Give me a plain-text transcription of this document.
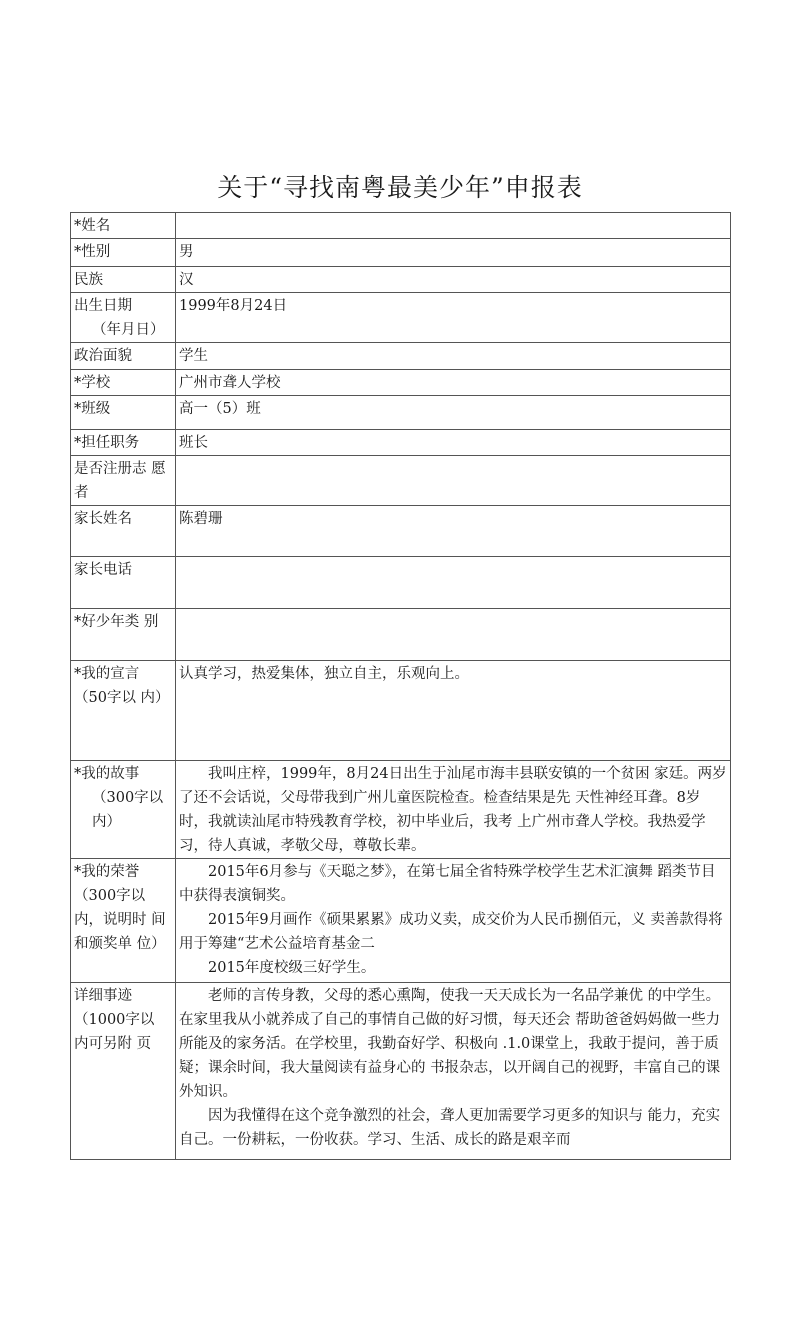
关于“寻找南粤最美少年”申报表
*姓名	
*性别	男
民族	汉
出生日期
（年月日）	1999年8月24日
政治面貌	学生
*学校	广州市聋人学校
*班级	高一（5）班
*担任职务	班长
是否注册志 愿者	
家长姓名	陈碧珊
家长电话	
*好少年类 别	
*我的宣言
（50字以 内）	认真学习，热爱集体，独立自主，乐观向上。
*我的故事
（300字以 内）	我叫庄梓，1999年，8月24日出生于汕尾市海丰县联安镇的一个贫困 家廷。两岁了还不会话说，父母带我到广州儿童医院检查。检查结果是先 天性神经耳聋。8岁时，我就读汕尾市特残教育学校，初中毕业后，我考 上广州市聋人学校。我热爱学习，待人真诚，孝敬父母，尊敬长辈。

*我的荣誉
（300字以 内，说明时 间和颁奖单 位）	2015年6月参与《天聪之梦》，在第七届全省特殊学校学生艺术汇演舞 蹈类节目中获得表演铜奖。
2015年9月画作《硕果累累》成功义卖，成交价为人民币捌佰元，义 卖善款得将用于筹建“艺术公益培育基金二
2015年度校级三好学生。

详细事迹
（1000字以 内可另附 页	老师的言传身教，父母的悉心熏陶，使我一天天成长为一名品学兼优 的中学生。在家里我从小就养成了自己的事情自己做的好习惯，每天还会 帮助爸爸妈妈做一些力所能及的家务活。在学校里，我勤奋好学、积极向 .1.0课堂上，我敢于提问，善于质疑；课余时间，我大量阅读有益身心的 书报杂志，以开阔自己的视野，丰富自己的课外知识。
因为我懂得在这个竞争激烈的社会，聋人更加需要学习更多的知识与 能力，充实自己。一份耕耘，一份收获。学习、生活、成长的路是艰辛而
